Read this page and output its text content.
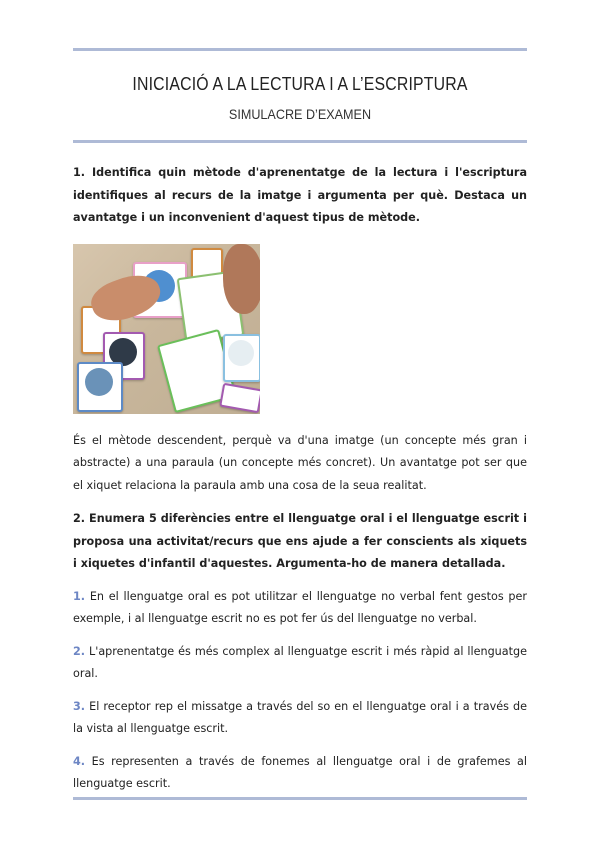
INICIACIÓ A LA LECTURA I A L’ESCRIPTURA
SIMULACRE D’EXAMEN

1. Identifica quin mètode d'aprenentatge de la lectura i l'escriptura identifiques al recurs de la imatge i argumenta per què. Destaca un avantatge i un inconvenient d'aquest tipus de mètode.

És el mètode descendent, perquè va d'una imatge (un concepte més gran i abstracte) a una paraula (un concepte més concret). Un avantatge pot ser que el xiquet relaciona la paraula amb una cosa de la seua realitat.

2. Enumera 5 diferències entre el llenguatge oral i el llenguatge escrit i proposa una activitat/recurs que ens ajude a fer conscients als xiquets i xiquetes d'infantil d'aquestes. Argumenta-ho de manera detallada.

1. En el llenguatge oral es pot utilitzar el llenguatge no verbal fent gestos per exemple, i al llenguatge escrit no es pot fer ús del llenguatge no verbal.

2. L'aprenentatge és més complex al llenguatge escrit i més ràpid al llenguatge oral.

3. El receptor rep el missatge a través del so en el llenguatge oral i a través de la vista al llenguatge escrit.

4. Es representen a través de fonemes al llenguatge oral i de grafemes al llenguatge escrit.
